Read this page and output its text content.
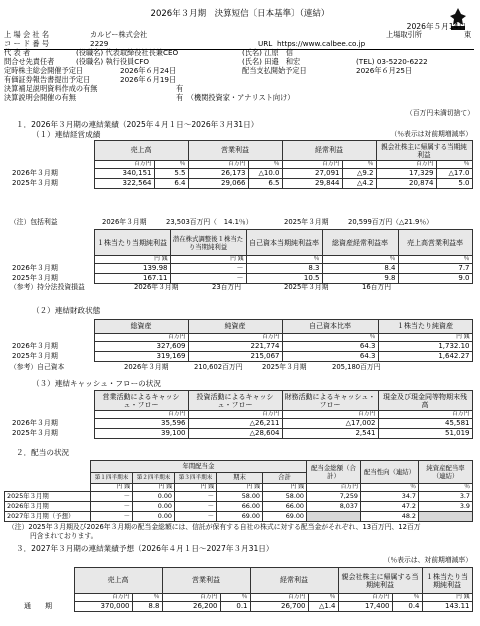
2026年３月期　決算短信〔日本基準〕（連結）
2026年５月14日
上 場 会 社 名	カルビー株式会社	上場取引所	東
コ ー ド 番 号	2229	URL https://www.calbee.co.jp
代 表 者	(役職名) 代表取締役社長兼CEO	(氏名) 江原　信
問合せ先責任者	(役職名) 執行役員CFO	(氏名) 田邉　和宏	(TEL) 03-5220-6222
定時株主総会開催予定日	2026年６月24日	配当支払開始予定日	2026年６月25日
有価証券報告書提出予定日	2026年６月19日
決算補足説明資料作成の有無	有
決算説明会開催の有無	有　（機関投資家・アナリスト向け）
（百万円未満切捨て）
１．2026年３月期の連結業績（2025年４月１日～2026年３月31日）
（１）連結経営成績	（％表示は対前期増減率）
	売上高		営業利益		経常利益		親会社株主に帰属する当期純利益	
	百万円	％	百万円	％	百万円	％	百万円	％
2026年３月期	340,151	5.5	26,173	△10.0	27,091	△9.2	17,329	△17.0
2025年３月期	322,564	6.4	29,066	6.5	29,844	△4.2	20,874	5.0
（注）包括利益	2026年３月期	23,503百万円（　14.1％）	2025年３月期	20,599百万円（△21.9％）
	１株当たり当期純利益	潜在株式調整後１株当たり当期純利益	自己資本当期純利益率	総資産経常利益率	売上高営業利益率
	円 銭	円 銭	％	％	％
2026年３月期	139.98	－	8.3	8.4	7.7
2025年３月期	167.11	－	10.5	9.8	9.0
（参考）持分法投資損益	2026年３月期	23百万円	2025年３月期	16百万円
（２）連結財政状態
	総資産	純資産	自己資本比率	１株当たり純資産
	百万円	百万円	％	円 銭
2026年３月期	327,609	221,774	64.3	1,732.10
2025年３月期	319,169	215,067	64.3	1,642.27
（参考）自己資本	2026年３月期	210,602百万円	2025年３月期	205,180百万円
（３）連結キャッシュ・フローの状況
	営業活動によるキャッシュ・フロー	投資活動によるキャッシュ・フロー	財務活動によるキャッシュ・フロー	現金及び現金同等物期末残高
	百万円	百万円	百万円	百万円
2026年３月期	35,596	△26,211	△17,002	45,581
2025年３月期	39,100	△28,604	2,541	51,019
２．配当の状況
	年間配当金					配当金総額（合計）	配当性向（連結）	純資産配当率（連結）
	第１四半期末	第２四半期末	第３四半期末	期末	合計			
	円 銭	円 銭	円 銭	円 銭	円 銭	百万円	％	％
2025年３月期	－	0.00	－	58.00	58.00	7,259	34.7	3.7
2026年３月期	－	0.00	－	66.00	66.00	8,037	47.2	3.9
2027年３月期（予想）	－	0.00	－	69.00	69.00		48.2	
（注）2025年３月期及び2026年３月期の配当金総額には、信託が保有する自社の株式に対する配当金がそれぞれ、13百万円、12百万
円含まれております。
３．2027年３月期の連結業績予想（2026年４月１日～2027年３月31日）
（％表示は、対前期増減率）
	売上高		営業利益		経常利益		親会社株主に帰属する当期純利益		１株当たり当期純利益
	百万円	％	百万円	％	百万円	％	百万円	％	円 銭
通　　期	370,000	8.8	26,200	0.1	26,700	△1.4	17,400	0.4	143.11
